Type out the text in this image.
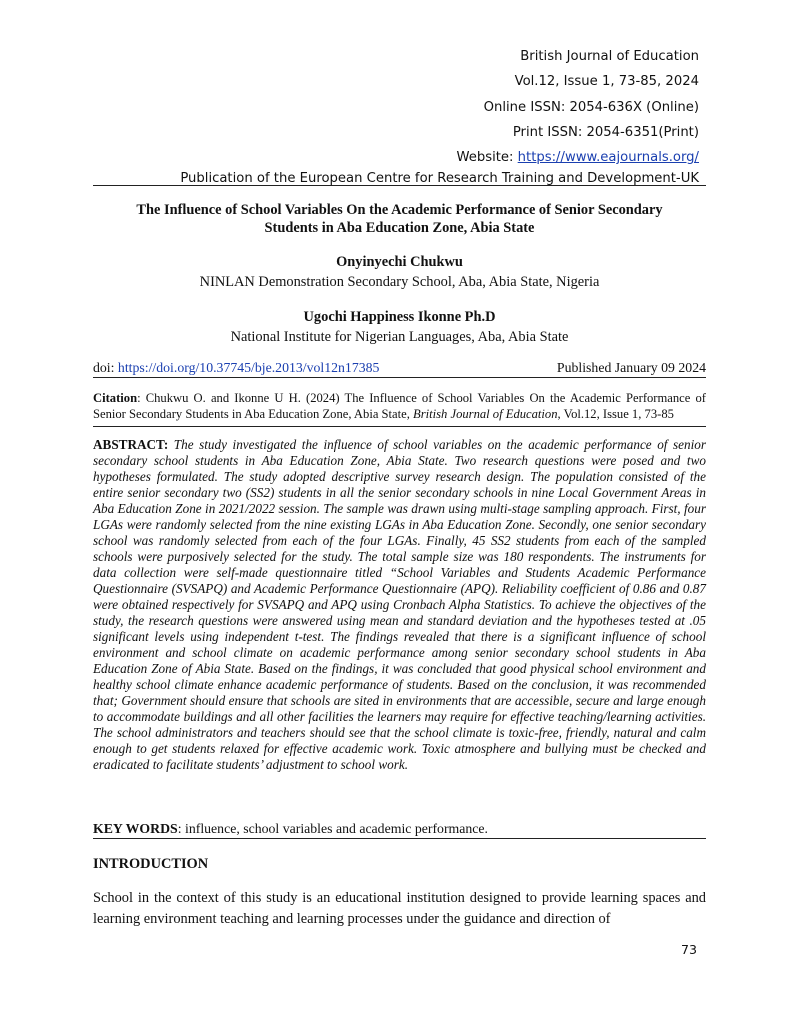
British Journal of Education
Vol.12, Issue 1, 73-85, 2024
Online ISSN: 2054-636X (Online)
Print ISSN: 2054-6351(Print)
Website: https://www.eajournals.org/
Publication of the European Centre for Research Training and Development-UK
The Influence of School Variables On the Academic Performance of Senior Secondary
Students in Aba Education Zone, Abia State
Onyinyechi Chukwu
NINLAN Demonstration Secondary School, Aba, Abia State, Nigeria
Ugochi Happiness Ikonne Ph.D
National Institute for Nigerian Languages, Aba, Abia State
doi: https://doi.org/10.37745/bje.2013/vol12n17385	Published January 09 2024
Citation: Chukwu O. and Ikonne U H. (2024) The Influence of School Variables On the Academic Performance of Senior Secondary Students in Aba Education Zone, Abia State, British Journal of Education, Vol.12, Issue 1, 73-85
ABSTRACT: The study investigated the influence of school variables on the academic performance of senior secondary school students in Aba Education Zone, Abia State. Two research questions were posed and two hypotheses formulated. The study adopted descriptive survey research design. The population consisted of the entire senior secondary two (SS2) students in all the senior secondary schools in nine Local Government Areas in Aba Education Zone in 2021/2022 session. The sample was drawn using multi-stage sampling approach. First, four LGAs were randomly selected from the nine existing LGAs in Aba Education Zone. Secondly, one senior secondary school was randomly selected from each of the four LGAs. Finally, 45 SS2 students from each of the sampled schools were purposively selected for the study. The total sample size was 180 respondents. The instruments for data collection were self-made questionnaire titled “School Variables and Students Academic Performance Questionnaire (SVSAPQ) and Academic Performance Questionnaire (APQ). Reliability coefficient of 0.86 and 0.87 were obtained respectively for SVSAPQ and APQ using Cronbach Alpha Statistics. To achieve the objectives of the study, the research questions were answered using mean and standard deviation and the hypotheses tested at .05 significant levels using independent t-test. The findings revealed that there is a significant influence of school environment and school climate on academic performance among senior secondary school students in Aba Education Zone of Abia State. Based on the findings, it was concluded that good physical school environment and healthy school climate enhance academic performance of students. Based on the conclusion, it was recommended that; Government should ensure that schools are sited in environments that are accessible, secure and large enough to accommodate buildings and all other facilities the learners may require for effective teaching/learning activities. The school administrators and teachers should see that the school climate is toxic-free, friendly, natural and calm enough to get students relaxed for effective academic work. Toxic atmosphere and bullying must be checked and eradicated to facilitate students’ adjustment to school work.
KEY WORDS: influence, school variables and academic performance.
INTRODUCTION
School in the context of this study is an educational institution designed to provide learning spaces and learning environment teaching and learning processes under the guidance and direction of
73
